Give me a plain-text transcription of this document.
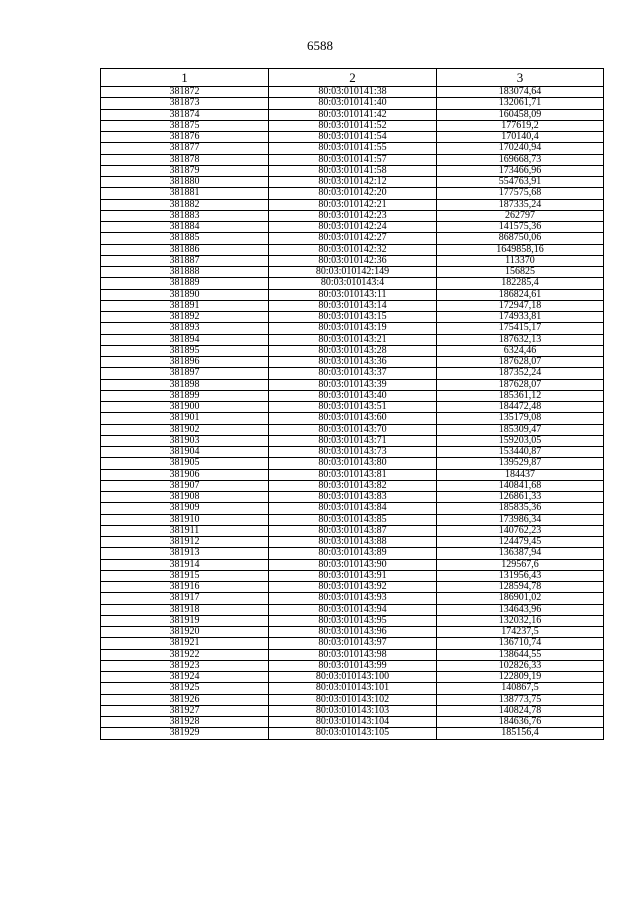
6588
1	2	3
381872	80:03:010141:38	183074,64
381873	80:03:010141:40	132061,71
381874	80:03:010141:42	160458,09
381875	80:03:010141:52	177619,2
381876	80:03:010141:54	170140,4
381877	80:03:010141:55	170240,94
381878	80:03:010141:57	169668,73
381879	80:03:010141:58	173466,96
381880	80:03:010142:12	554763,91
381881	80:03:010142:20	177575,68
381882	80:03:010142:21	187335,24
381883	80:03:010142:23	262797
381884	80:03:010142:24	141575,36
381885	80:03:010142:27	868750,06
381886	80:03:010142:32	1649858,16
381887	80:03:010142:36	113370
381888	80:03:010142:149	156825
381889	80:03:010143:4	182285,4
381890	80:03:010143:11	186824,61
381891	80:03:010143:14	172947,18
381892	80:03:010143:15	174933,81
381893	80:03:010143:19	175415,17
381894	80:03:010143:21	187632,13
381895	80:03:010143:28	6324,46
381896	80:03:010143:36	187628,07
381897	80:03:010143:37	187352,24
381898	80:03:010143:39	187628,07
381899	80:03:010143:40	185361,12
381900	80:03:010143:51	184472,48
381901	80:03:010143:60	135179,08
381902	80:03:010143:70	185309,47
381903	80:03:010143:71	159203,05
381904	80:03:010143:73	153440,87
381905	80:03:010143:80	139529,87
381906	80:03:010143:81	184437
381907	80:03:010143:82	140841,68
381908	80:03:010143:83	126861,33
381909	80:03:010143:84	185835,36
381910	80:03:010143:85	173986,34
381911	80:03:010143:87	140762,23
381912	80:03:010143:88	124479,45
381913	80:03:010143:89	136387,94
381914	80:03:010143:90	129567,6
381915	80:03:010143:91	131956,43
381916	80:03:010143:92	128594,78
381917	80:03:010143:93	186901,02
381918	80:03:010143:94	134643,96
381919	80:03:010143:95	132032,16
381920	80:03:010143:96	174237,5
381921	80:03:010143:97	136710,74
381922	80:03:010143:98	138644,55
381923	80:03:010143:99	102826,33
381924	80:03:010143:100	122809,19
381925	80:03:010143:101	140867,5
381926	80:03:010143:102	138773,75
381927	80:03:010143:103	140824,78
381928	80:03:010143:104	184636,76
381929	80:03:010143:105	185156,4
